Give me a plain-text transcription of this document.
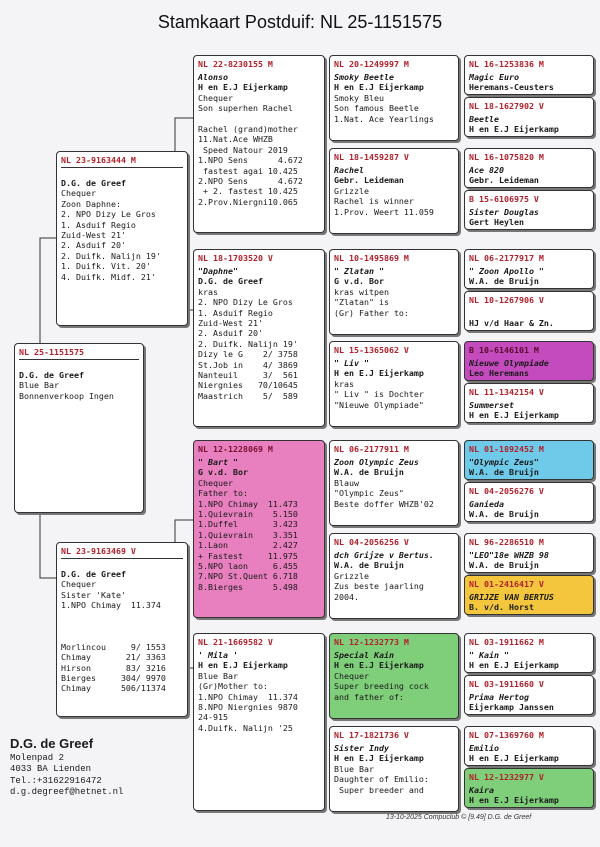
Stamkaart Postduif: NL 25-1151575
NL 25-1151575
D.G. de Greef
Blue Bar
Bonnenverkoop Ingen
NL 23-9163444 M
D.G. de Greef
Chequer
Zoon Daphne:
2. NPO Dizy Le Gros
1. Asduif Regio
Zuid-West 21'
2. Asduif 20'
2. Duifk. Nalijn 19'
1. Duifk. Vit. 20'
4. Duifk. Midf. 21'
NL 23-9163469 V
D.G. de Greef
Chequer
Sister 'Kate'
1.NPO Chimay  11.374
Morlincou     9/ 1553
Chimay       21/ 3363
Hirson       83/ 3216
Bierges     304/ 9970
Chimay      506/11374
NL 22-8230155 M
Alonso
H en E.J Eijerkamp
Chequer
Son superhen Rachel
Rachel (grand)mother
11.Nat.Ace WHZB
Speed Natour 2019
1.NPO Sens      4.672
fastest agai 10.425
2.NPO Sens      4.672
+ 2. fastest 10.425
2.Prov.Niergni10.065
NL 18-1703520 V
"Daphne"
D.G. de Greef
kras
2. NPO Dizy Le Gros
1. Asduif Regio
Zuid-West 21'
2. Asduif 20'
2. Duifk. Nalijn 19'
Dizy le G    2/ 3758
St.Job in    4/ 3869
Nanteuil     3/  561
Niergnies   70/10645
Maastrich    5/  589
NL 12-1228069 M
" Bart "
G v.d. Bor
Chequer
Father to:
1.NPO Chimay  11.473
1.Quievrain    5.150
1.Duffel       3.423
1.Quievrain    3.351
1.Laon         2.427
+ Fastest     11.975
5.NPO laon     6.455
7.NPO St.Quent 6.718
8.Bierges      5.498
NL 21-1669582 V
' Mila '
H en E.J Eijerkamp
Blue Bar
(Gr)Mother to:
1.NPO Chimay  11.374
8.NPO Niergnies 9870
24-915
4.Duifk. Nalijn '25
NL 20-1249997 M
Smoky Beetle
H en E.J Eijerkamp
Smoky Bleu
Son famous Beetle
1.Nat. Ace Yearlings
NL 18-1459287 V
Rachel
Gebr. Leideman
Grizzle
Rachel is winner
1.Prov. Weert 11.059
NL 10-1495869 M
" Zlatan "
G v.d. Bor
kras witpen
"Zlatan" is
(Gr) Father to:
NL 15-1365062 V
" Liv "
H en E.J Eijerkamp
kras
" Liv " is Dochter
"Nieuwe Olympiade"
NL 06-2177911 M
Zoon Olympic Zeus
W.A. de Bruijn
Blauw
"Olympic Zeus"
Beste doffer WHZB'02
NL 04-2056256 V
dch Grijze v Bertus.
W.A. de Bruijn
Grizzle
Zus beste jaarling
2004.
NL 12-1232773 M
Special Kain
H en E.J Eijerkamp
Chequer
Super breeding cock
and father of:
NL 17-1821736 V
Sister Indy
H en E.J Eijerkamp
Blue Bar
Daughter of Emilio:
Super breeder and
NL 16-1253836 M
Magic Euro
Heremans-Ceusters
NL 18-1627902 V
Beetle
H en E.J Eijerkamp
NL 16-1075820 M
Ace 820
Gebr. Leideman
B 15-6106975 V
Sister Douglas
Gert Heylen
NL 06-2177917 M
" Zoon Apollo "
W.A. de Bruijn
NL 10-1267906 V
HJ v/d Haar & Zn.
B 10-6146101 M
Nieuwe Olympiade
Leo Heremans
NL 11-1342154 V
Summerset
H en E.J Eijerkamp
NL 01-1892452 M
"Olympic Zeus"
W.A. de Bruijn
NL 04-2056276 V
Ganieda
W.A. de Bruijn
NL 96-2286510 M
"LEO"18e WHZB 98
W.A. de Bruijn
NL 01-2416417 V
GRIJZE VAN BERTUS
B. v/d. Horst
NL 03-1911662 M
" Kain "
H en E.J Eijerkamp
NL 03-1911660 V
Prima Hertog
Eijerkamp Janssen
NL 07-1369760 M
Emilio
H en E.J Eijerkamp
NL 12-1232977 V
Kaira
H en E.J Eijerkamp
D.G. de Greef
Molenpad 2
4033 BA Lienden
Tel.:+31622916472
d.g.degreef@hetnet.nl
13-10-2025 Compuclub © [9.49] D.G. de Greef
